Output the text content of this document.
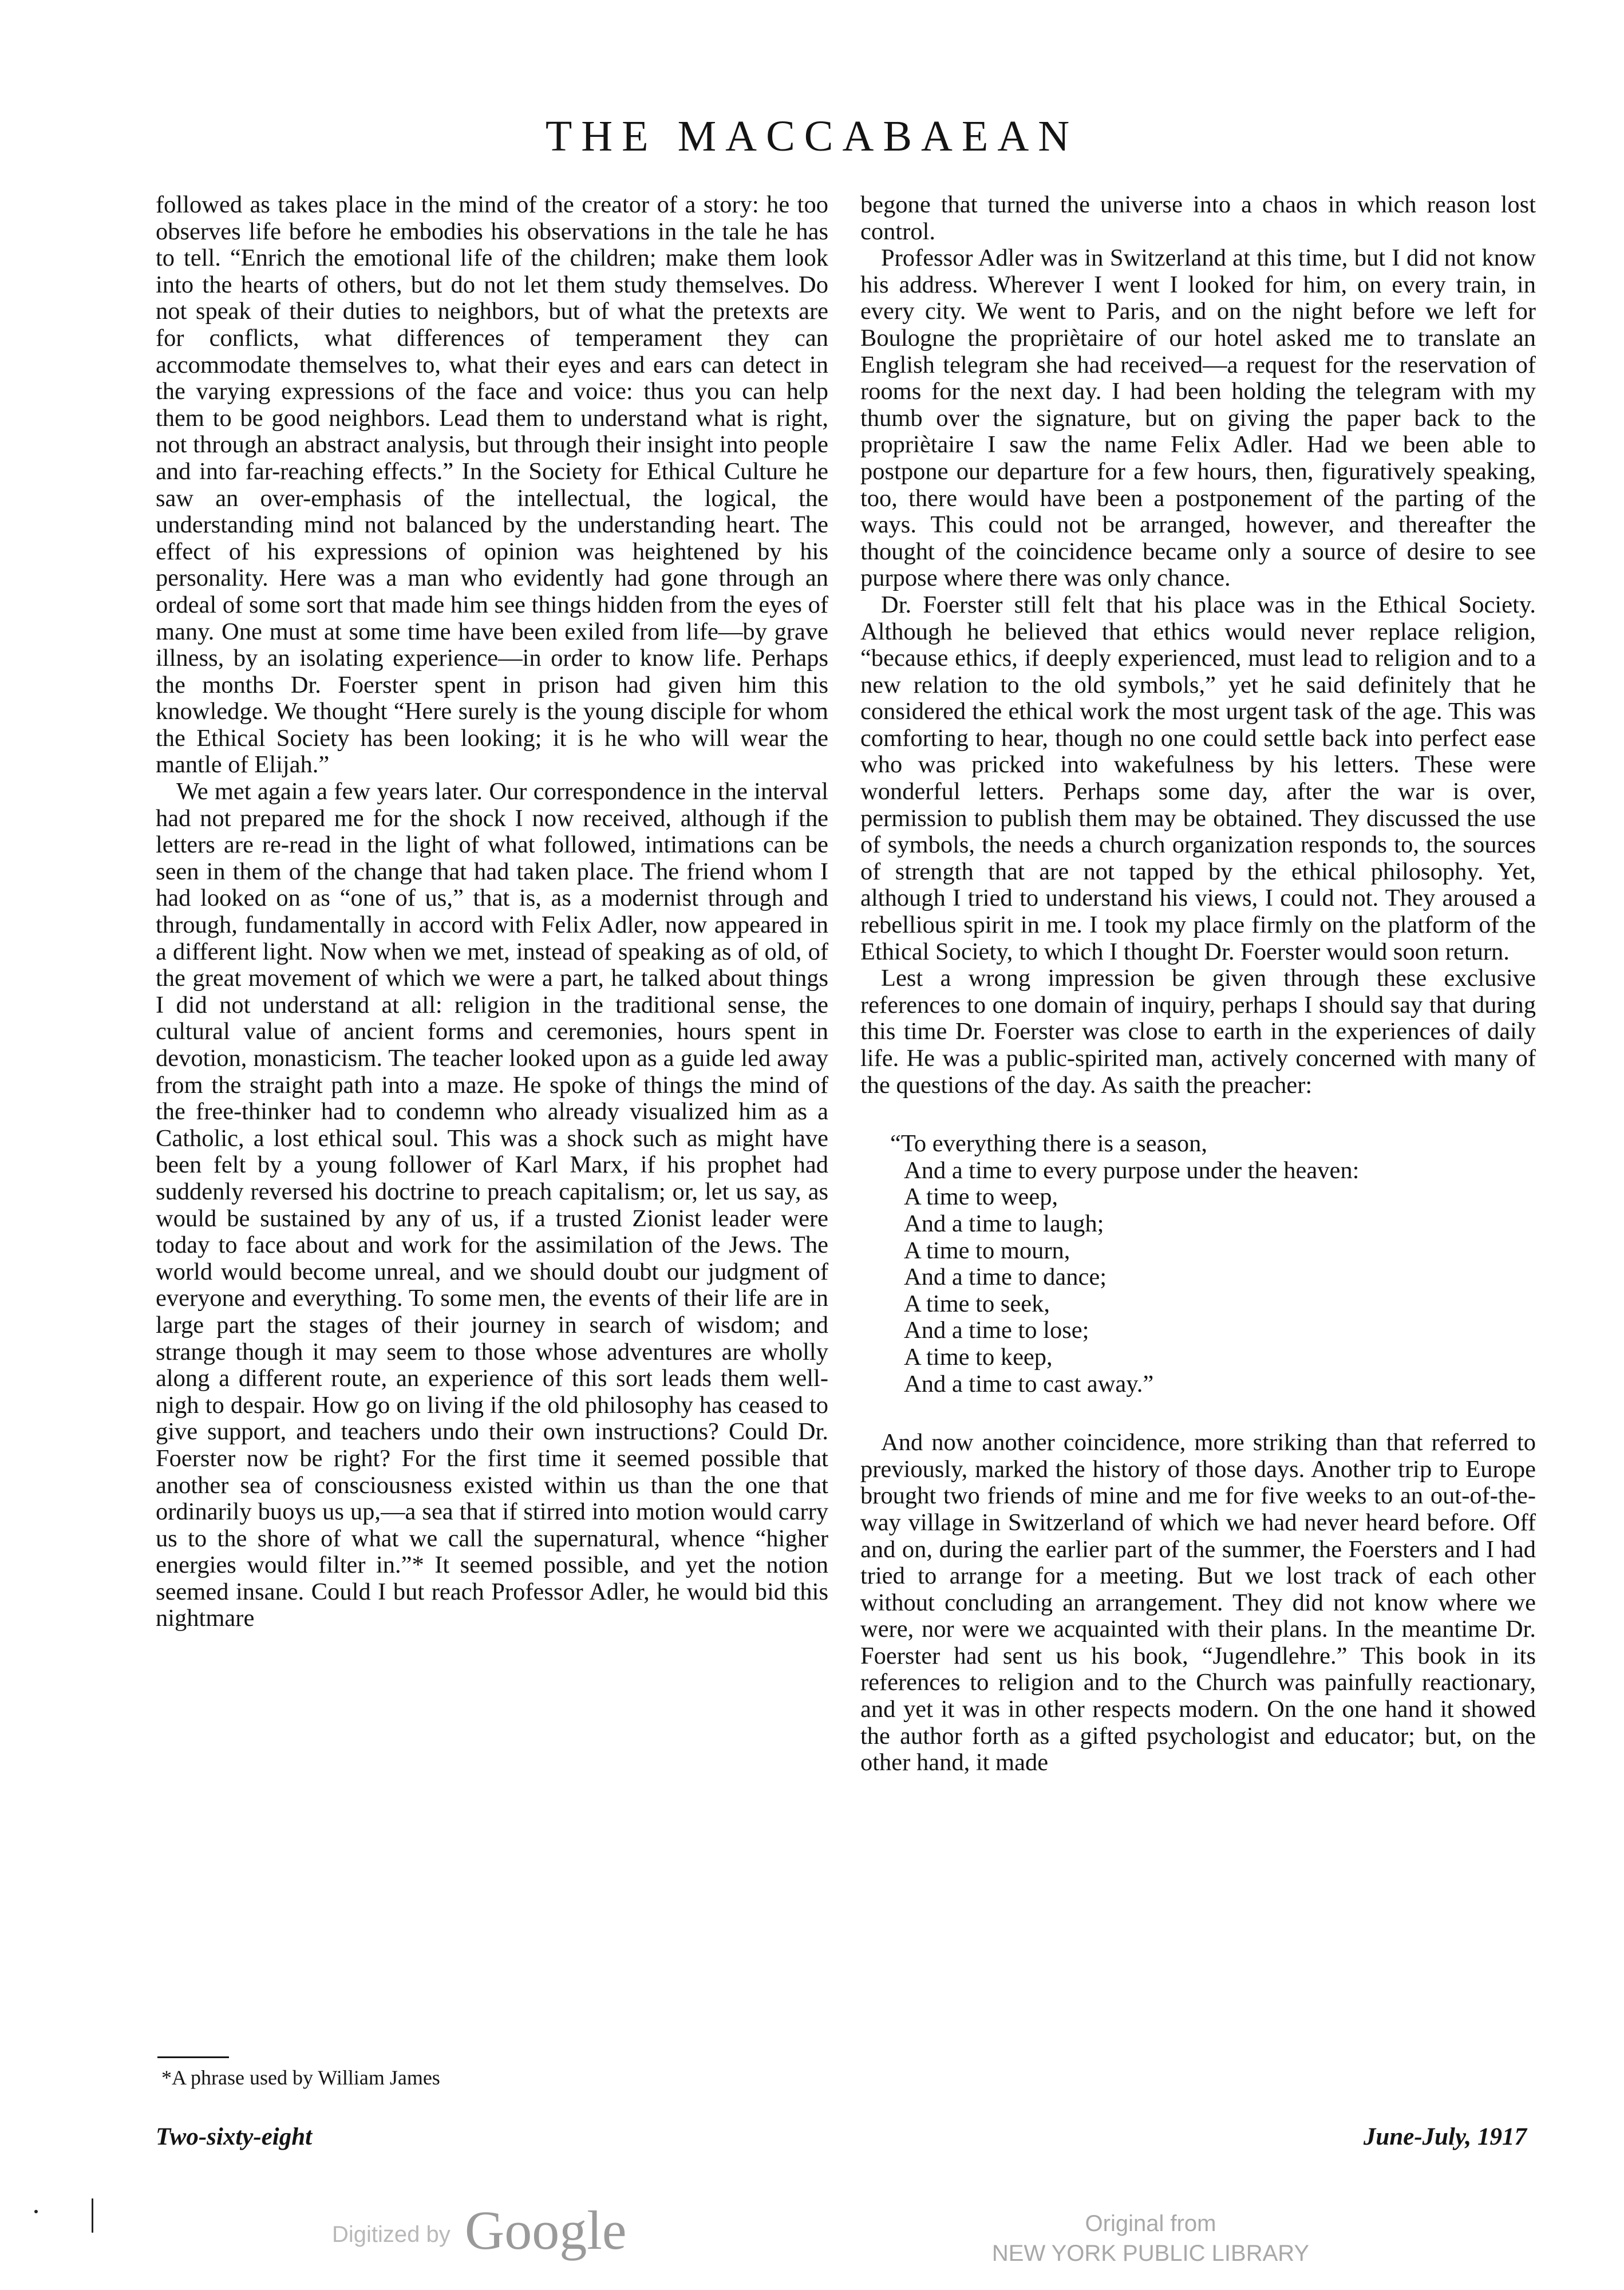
THE MACCABAEAN

followed as takes place in the mind of the creator of a story: he too observes life before he embodies his observations in the tale he has to tell. “Enrich the emotional life of the children; make them look into the hearts of others, but do not let them study themselves. Do not speak of their duties to neighbors, but of what the pretexts are for conflicts, what differences of temperament they can accommodate themselves to, what their eyes and ears can detect in the varying expressions of the face and voice: thus you can help them to be good neighbors. Lead them to understand what is right, not through an abstract analysis, but through their insight into people and into far-reaching effects.” In the Society for Ethical Culture he saw an over-emphasis of the intellectual, the logical, the understanding mind not balanced by the understanding heart. The effect of his expressions of opinion was heightened by his personality. Here was a man who evidently had gone through an ordeal of some sort that made him see things hidden from the eyes of many. One must at some time have been exiled from life—by grave illness, by an isolating experience—in order to know life. Perhaps the months Dr. Foerster spent in prison had given him this knowledge. We thought “Here surely is the young disciple for whom the Ethical Society has been looking; it is he who will wear the mantle of Elijah.”

We met again a few years later. Our correspondence in the interval had not prepared me for the shock I now received, although if the letters are re-read in the light of what followed, intimations can be seen in them of the change that had taken place. The friend whom I had looked on as “one of us,” that is, as a modernist through and through, fundamentally in accord with Felix Adler, now appeared in a different light. Now when we met, instead of speaking as of old, of the great movement of which we were a part, he talked about things I did not understand at all: religion in the traditional sense, the cultural value of ancient forms and ceremonies, hours spent in devotion, monasticism. The teacher looked upon as a guide led away from the straight path into a maze. He spoke of things the mind of the free-thinker had to condemn who already visualized him as a Catholic, a lost ethical soul. This was a shock such as might have been felt by a young follower of Karl Marx, if his prophet had suddenly reversed his doctrine to preach capitalism; or, let us say, as would be sustained by any of us, if a trusted Zionist leader were today to face about and work for the assimilation of the Jews. The world would become unreal, and we should doubt our judgment of everyone and everything. To some men, the events of their life are in large part the stages of their journey in search of wisdom; and strange though it may seem to those whose adventures are wholly along a different route, an experience of this sort leads them well-nigh to despair. How go on living if the old philosophy has ceased to give support, and teachers undo their own instructions? Could Dr. Foerster now be right? For the first time it seemed possible that another sea of consciousness existed within us than the one that ordinarily buoys us up,—a sea that if stirred into motion would carry us to the shore of what we call the supernatural, whence “higher energies would filter in.”* It seemed possible, and yet the notion seemed insane. Could I but reach Professor Adler, he would bid this nightmare

begone that turned the universe into a chaos in which reason lost control.

Professor Adler was in Switzerland at this time, but I did not know his address. Wherever I went I looked for him, on every train, in every city. We went to Paris, and on the night before we left for Boulogne the propriètaire of our hotel asked me to translate an English telegram she had received—a request for the reservation of rooms for the next day. I had been holding the telegram with my thumb over the signature, but on giving the paper back to the propriètaire I saw the name Felix Adler. Had we been able to postpone our departure for a few hours, then, figuratively speaking, too, there would have been a postponement of the parting of the ways. This could not be arranged, however, and thereafter the thought of the coincidence became only a source of desire to see purpose where there was only chance.

Dr. Foerster still felt that his place was in the Ethical Society. Although he believed that ethics would never replace religion, “because ethics, if deeply experienced, must lead to religion and to a new relation to the old symbols,” yet he said definitely that he considered the ethical work the most urgent task of the age. This was comforting to hear, though no one could settle back into perfect ease who was pricked into wakefulness by his letters. These were wonderful letters. Perhaps some day, after the war is over, permission to publish them may be obtained. They discussed the use of symbols, the needs a church organization responds to, the sources of strength that are not tapped by the ethical philosophy. Yet, although I tried to understand his views, I could not. They aroused a rebellious spirit in me. I took my place firmly on the platform of the Ethical Society, to which I thought Dr. Foerster would soon return.

Lest a wrong impression be given through these exclusive references to one domain of inquiry, perhaps I should say that during this time Dr. Foerster was close to earth in the experiences of daily life. He was a public-spirited man, actively concerned with many of the questions of the day. As saith the preacher:

“To everything there is a season,
And a time to every purpose under the heaven:
A time to weep,
And a time to laugh;
A time to mourn,
And a time to dance;
A time to seek,
And a time to lose;
A time to keep,
And a time to cast away.”

And now another coincidence, more striking than that referred to previously, marked the history of those days. Another trip to Europe brought two friends of mine and me for five weeks to an out-of-the-way village in Switzerland of which we had never heard before. Off and on, during the earlier part of the summer, the Foersters and I had tried to arrange for a meeting. But we lost track of each other without concluding an arrangement. They did not know where we were, nor were we acquainted with their plans. In the meantime Dr. Foerster had sent us his book, “Jugendlehre.” This book in its references to religion and to the Church was painfully reactionary, and yet it was in other respects modern. On the one hand it showed the author forth as a gifted psychologist and educator; but, on the other hand, it made

*A phrase used by William James
Two-sixty-eight	June-July, 1917
Digitized by Google	Original from
NEW YORK PUBLIC LIBRARY
